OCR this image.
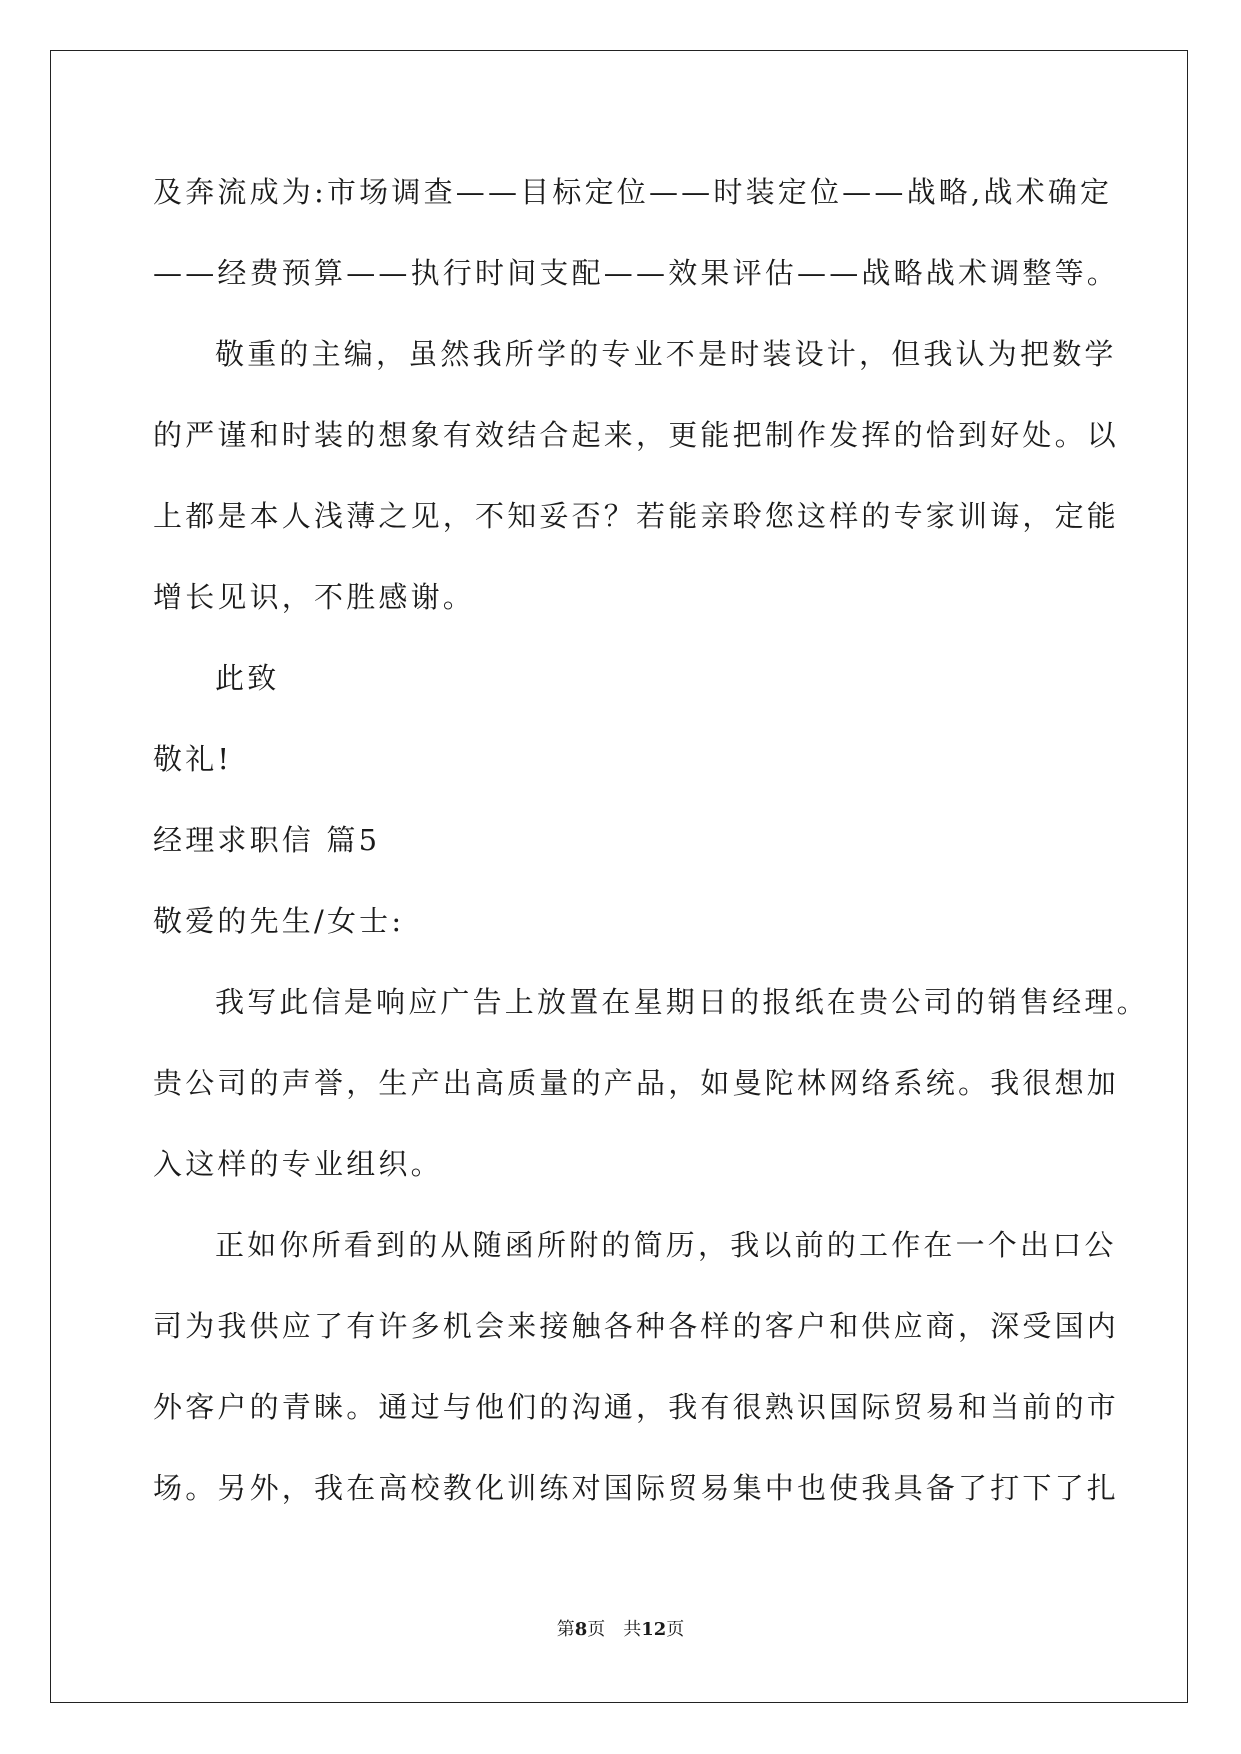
及奔流成为:市场调查——目标定位——时装定位——战略,战术确定
——经费预算——执行时间支配——效果评估——战略战术调整等。
敬重的主编，虽然我所学的专业不是时装设计，但我认为把数学
的严谨和时装的想象有效结合起来，更能把制作发挥的恰到好处。以
上都是本人浅薄之见，不知妥否？若能亲聆您这样的专家训诲，定能
增长见识，不胜感谢。
此致
敬礼!
经理求职信 篇5
敬爱的先生/女士:
我写此信是响应广告上放置在星期日的报纸在贵公司的销售经理。
贵公司的声誉，生产出高质量的产品，如曼陀林网络系统。我很想加
入这样的专业组织。
正如你所看到的从随函所附的简历，我以前的工作在一个出口公
司为我供应了有许多机会来接触各种各样的客户和供应商，深受国内
外客户的青睐。通过与他们的沟通，我有很熟识国际贸易和当前的市
场。另外，我在高校教化训练对国际贸易集中也使我具备了打下了扎
第8页 共12页
